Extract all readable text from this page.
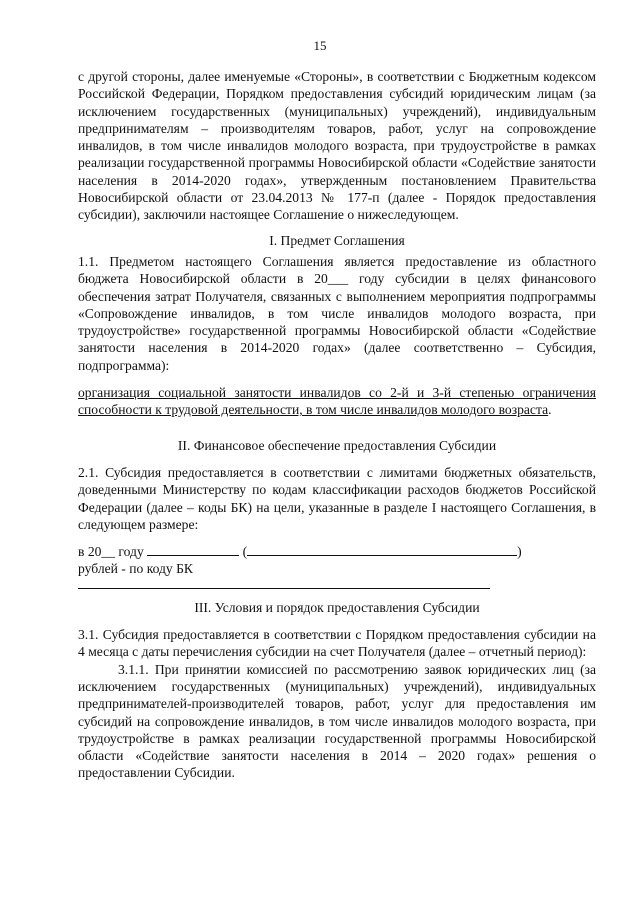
15

с другой стороны, далее именуемые «Стороны», в соответствии с Бюджетным кодексом Российской Федерации, Порядком предоставления субсидий юридическим лицам (за исключением государственных (муниципальных) учреждений), индивидуальным предпринимателям – производителям товаров, работ, услуг на сопровождение инвалидов, в том числе инвалидов молодого возраста, при трудоустройстве в рамках реализации государственной программы Новосибирской области «Содействие занятости населения в 2014-2020 годах», утвержденным постановлением Правительства Новосибирской области от 23.04.2013 № 177-п (далее - Порядок предоставления субсидии), заключили настоящее Соглашение о нижеследующем.

I. Предмет Соглашения

1.1. Предметом настоящего Соглашения является предоставление из областного бюджета Новосибирской области в 20___ году субсидии в целях финансового обеспечения затрат Получателя, связанных с выполнением мероприятия подпрограммы «Сопровождение инвалидов, в том числе инвалидов молодого возраста, при трудоустройстве» государственной программы Новосибирской области «Содействие занятости населения в 2014-2020 годах» (далее соответственно – Субсидия, подпрограмма):

организация социальной занятости инвалидов со 2-й и 3-й степенью ограничения способности к трудовой деятельности, в том числе инвалидов молодого возраста.

II. Финансовое обеспечение предоставления Субсидии

2.1. Субсидия предоставляется в соответствии с лимитами бюджетных обязательств, доведенными Министерству по кодам классификации расходов бюджетов Российской Федерации (далее – коды БК) на цели, указанные в разделе I настоящего Соглашения, в следующем размере:

в 20__ году	(	)

рублей - по коду БК

III. Условия и порядок предоставления Субсидии

3.1. Субсидия предоставляется в соответствии с Порядком предоставления субсидии на 4 месяца с даты перечисления субсидии на счет Получателя (далее – отчетный период):

3.1.1. При принятии комиссией по рассмотрению заявок юридических лиц (за исключением государственных (муниципальных) учреждений), индивидуальных предпринимателей-производителей товаров, работ, услуг для предоставления им субсидий на сопровождение инвалидов, в том числе инвалидов молодого возраста, при трудоустройстве в рамках реализации государственной программы Новосибирской области «Содействие занятости населения в 2014 – 2020 годах» решения о предоставлении Субсидии.
